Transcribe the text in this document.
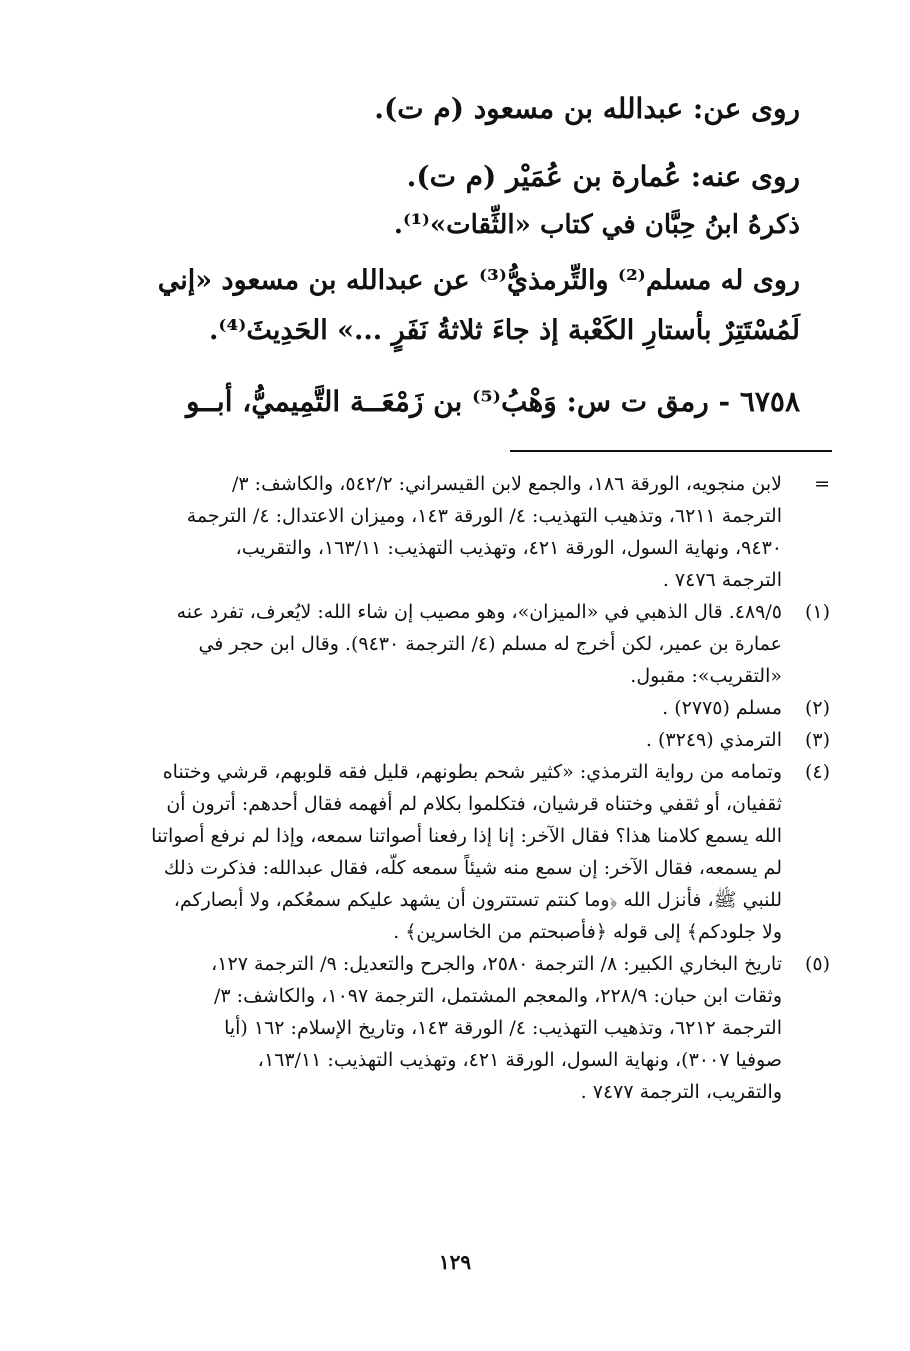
روى عن: عبدالله بن مسعود (م ت).
روى عنه: عُمارة بن عُمَيْر (م ت).
ذكرهُ ابنُ حِبَّان في كتاب «الثِّقات»⁽¹⁾.
روى له مسلم⁽²⁾ والتِّرمذيُّ⁽³⁾ عن عبدالله بن مسعود «إني
لَمُسْتَتِرٌ بأستارِ الكَعْبة إذ جاءَ ثلاثةُ نَفَرٍ ...» الحَدِيثَ⁽⁴⁾.
٦٧٥٨ - رمق ت س: وَهْبُ⁽⁵⁾ بن زَمْعَــة التَّمِيميُّ، أبــو
=
لابن منجويه، الورقة ١٨٦، والجمع لابن القيسراني: ٥٤٢/٢، والكاشف: ٣/
الترجمة ٦٢١١، وتذهيب التهذيب: ٤/ الورقة ١٤٣، وميزان الاعتدال: ٤/ الترجمة
٩٤٣٠، ونهاية السول، الورقة ٤٢١، وتهذيب التهذيب: ١٦٣/١١، والتقريب،
الترجمة ٧٤٧٦ .
(١)
٤٨٩/٥. قال الذهبي في «الميزان»، وهو مصيب إن شاء الله: لايُعرف، تفرد عنه
عمارة بن عمير، لكن أخرج له مسلم (٤/ الترجمة ٩٤٣٠). وقال ابن حجر في
«التقريب»: مقبول.
(٢)
مسلم (٢٧٧٥) .
(٣)
الترمذي (٣٢٤٩) .
(٤)
وتمامه من رواية الترمذي: «كثير شحم بطونهم، قليل فقه قلوبهم، قرشي وختناه
ثقفيان، أو ثقفي وختناه قرشيان، فتكلموا بكلام لم أفهمه فقال أحدهم: أترون أن
الله يسمع كلامنا هذا؟ فقال الآخر: إنا إذا رفعنا أصواتنا سمعه، وإذا لم نرفع أصواتنا
لم يسمعه، فقال الآخر: إن سمع منه شيئاً سمعه كلّه، فقال عبدالله: فذكرت ذلك
للنبي ﷺ، فأنزل الله ﴿وما كنتم تستترون أن يشهد عليكم سمعُكم، ولا أبصاركم،
ولا جلودكم﴾ إلى قوله ﴿فأصبحتم من الخاسرين﴾ .
(٥)
تاريخ البخاري الكبير: ٨/ الترجمة ٢٥٨٠، والجرح والتعديل: ٩/ الترجمة ١٢٧،
وثقات ابن حبان: ٢٢٨/٩، والمعجم المشتمل، الترجمة ١٠٩٧، والكاشف: ٣/
الترجمة ٦٢١٢، وتذهيب التهذيب: ٤/ الورقة ١٤٣، وتاريخ الإسلام: ١٦٢ (أيا
صوفيا ٣٠٠٧)، ونهاية السول، الورقة ٤٢١، وتهذيب التهذيب: ١٦٣/١١،
والتقريب، الترجمة ٧٤٧٧ .
١٢٩
